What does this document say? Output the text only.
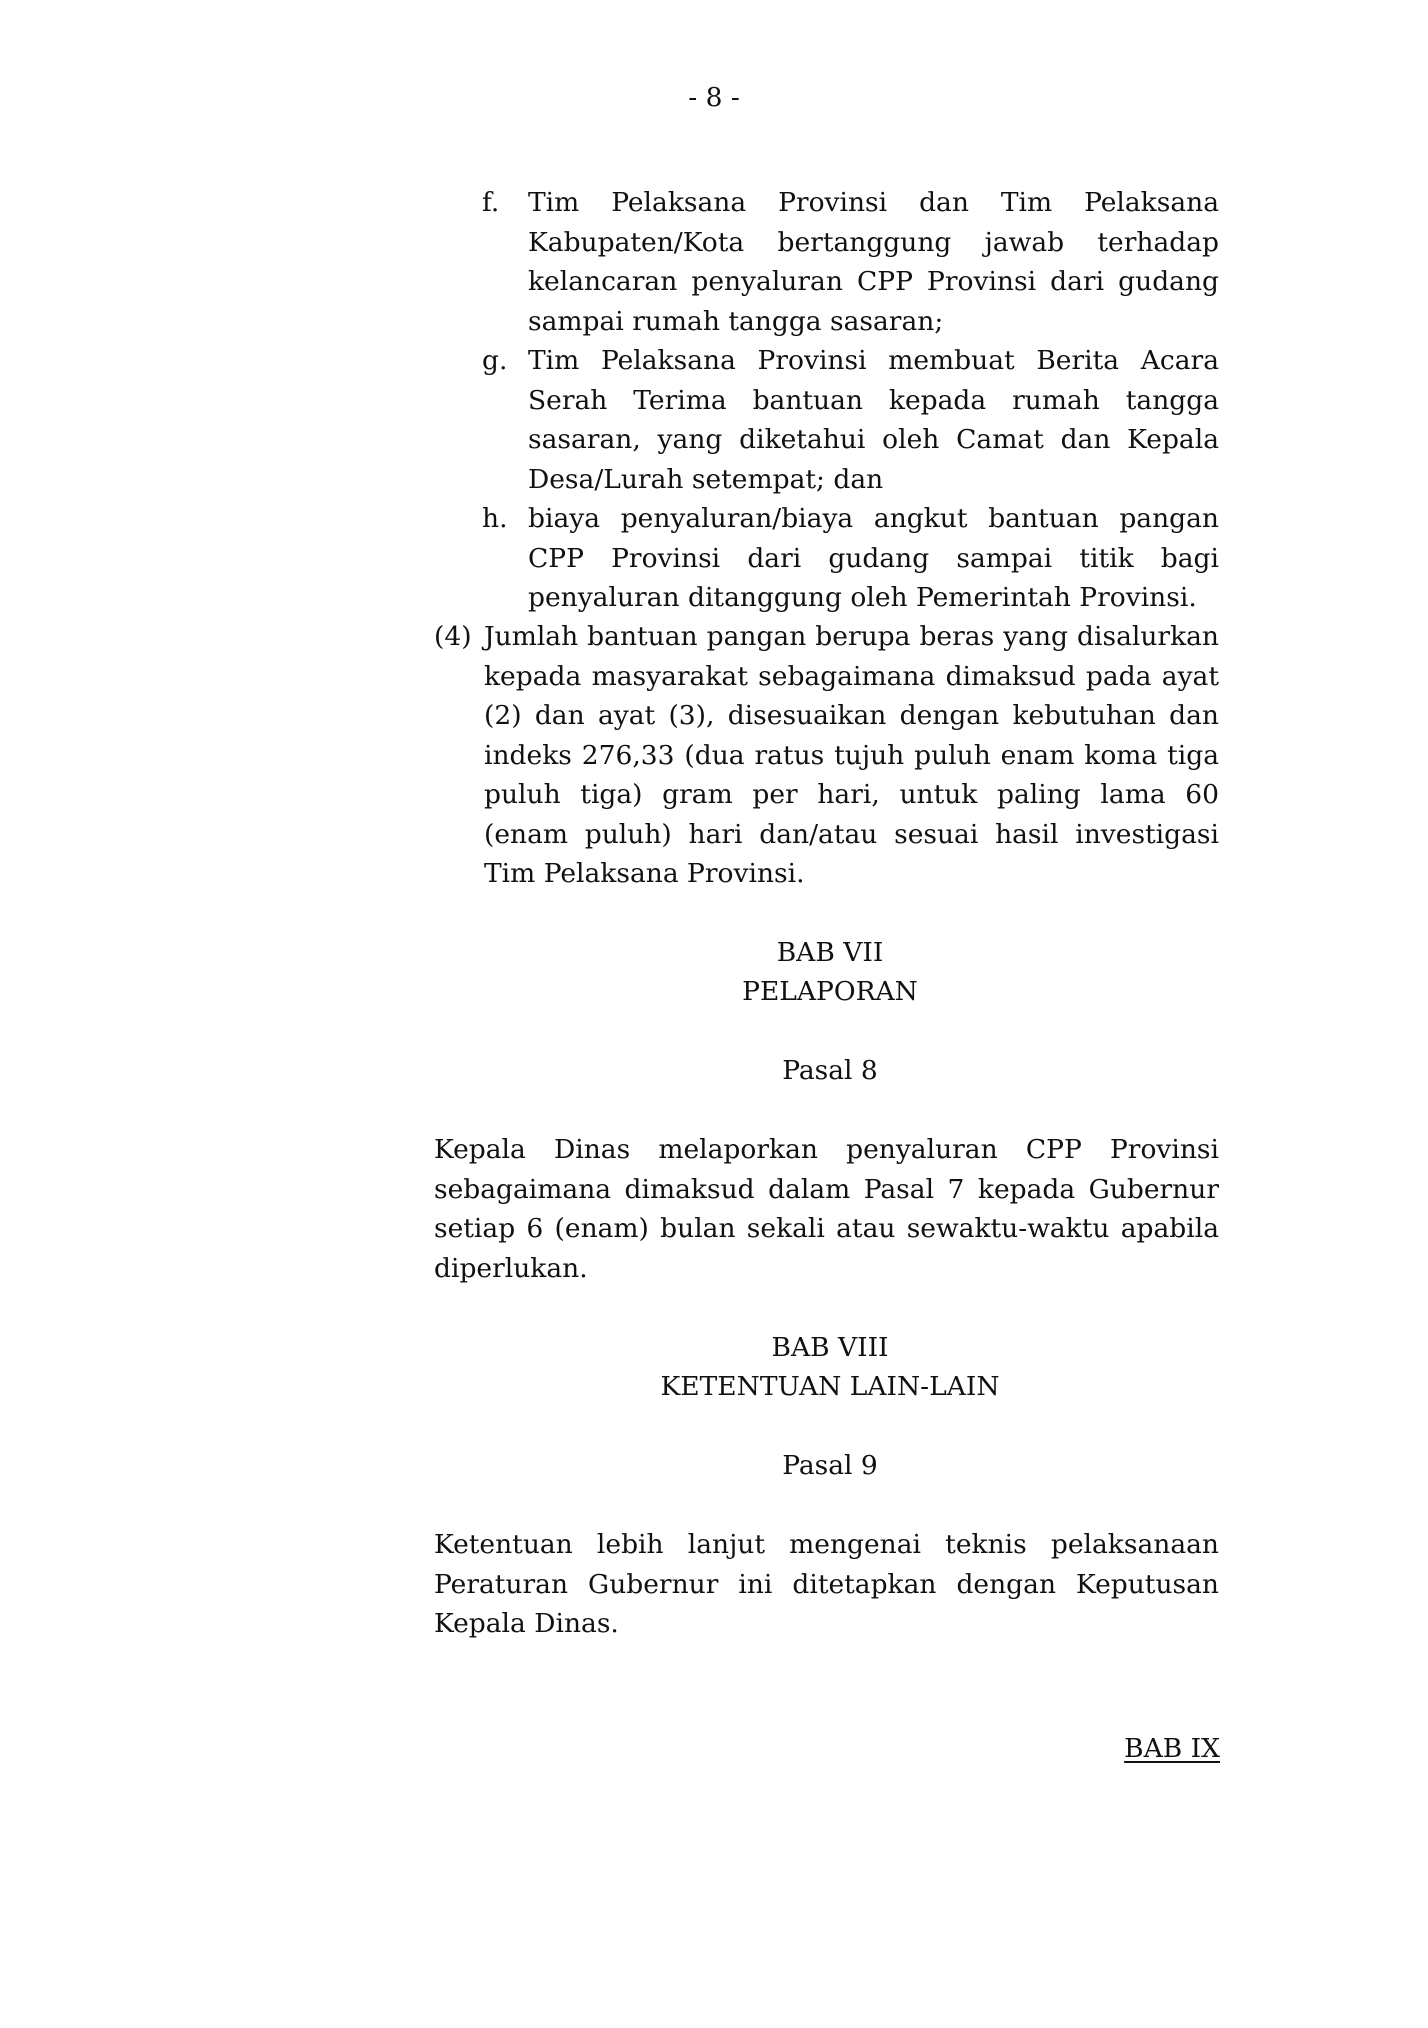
- 8 -

f. Tim Pelaksana Provinsi dan Tim Pelaksana Kabupaten/Kota bertanggung jawab terhadap kelancaran penyaluran CPP Provinsi dari gudang sampai rumah tangga sasaran;
g. Tim Pelaksana Provinsi membuat Berita Acara Serah Terima bantuan kepada rumah tangga sasaran, yang diketahui oleh Camat dan Kepala Desa/Lurah setempat; dan
h. biaya penyaluran/biaya angkut bantuan pangan CPP Provinsi dari gudang sampai titik bagi penyaluran ditanggung oleh Pemerintah Provinsi.
(4) Jumlah bantuan pangan berupa beras yang disalurkan kepada masyarakat sebagaimana dimaksud pada ayat (2) dan ayat (3), disesuaikan dengan kebutuhan dan indeks 276,33 (dua ratus tujuh puluh enam koma tiga puluh tiga) gram per hari, untuk paling lama 60 (enam puluh) hari dan/atau sesuai hasil investigasi Tim Pelaksana Provinsi.

BAB VII
PELAPORAN
Pasal 8

Kepala Dinas melaporkan penyaluran CPP Provinsi sebagaimana dimaksud dalam Pasal 7 kepada Gubernur setiap 6 (enam) bulan sekali atau sewaktu-waktu apabila diperlukan.

BAB VIII
KETENTUAN LAIN-LAIN
Pasal 9

Ketentuan lebih lanjut mengenai teknis pelaksanaan Peraturan Gubernur ini ditetapkan dengan Keputusan Kepala Dinas.

BAB IX
